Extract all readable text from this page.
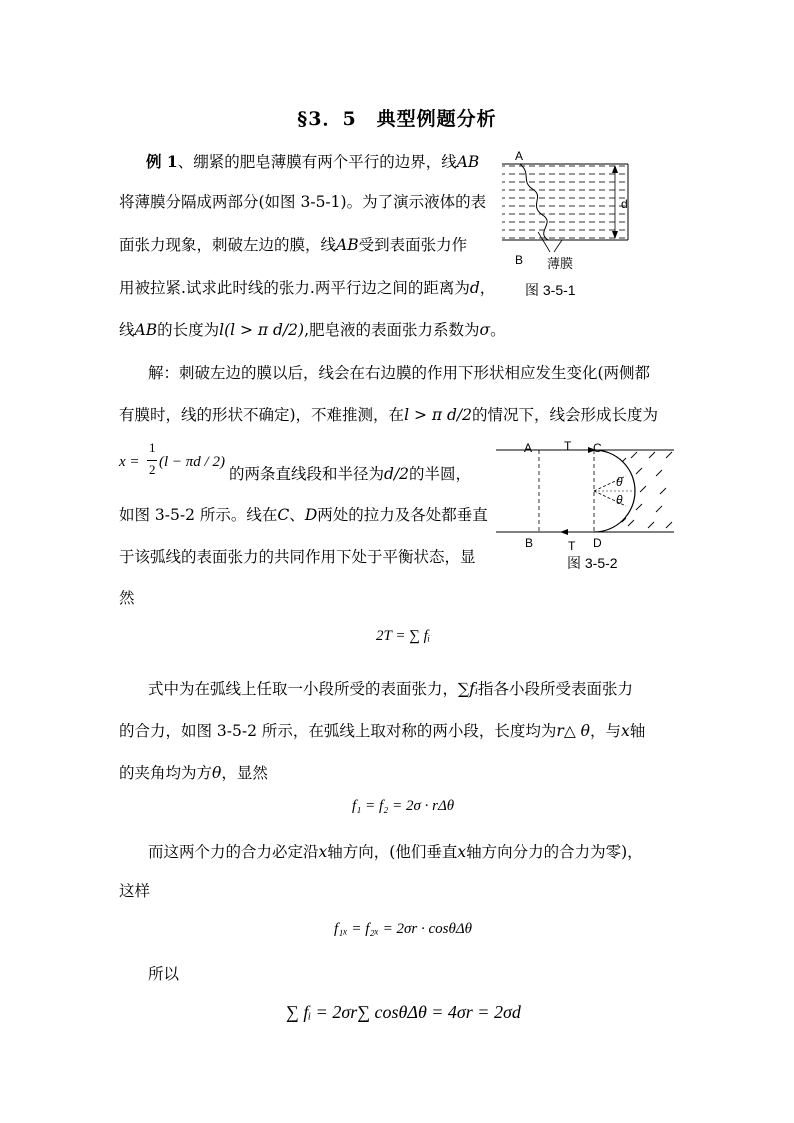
§3．5　典型例题分析
例 1、绷紧的肥皂薄膜有两个平行的边界，线AB
将薄膜分隔成两部分(如图 3-5-1)。为了演示液体的表
面张力现象，刺破左边的膜，线AB受到表面张力作
用被拉紧.试求此时线的张力.两平行边之间的距离为d，
线AB的长度为l(l > π d/2),肥皂液的表面张力系数为σ。
A
B
d
薄膜
图 3-5-1
解：刺破左边的膜以后，线会在右边膜的作用下形状相应发生变化(两侧都
有膜时，线的形状不确定)，不难推测，在l > π d/2的情况下，线会形成长度为
x =
1
2 (l − πd / 2)
的两条直线段和半径为d/2的半圆，
如图 3-5-2 所示。线在C、D两处的拉力及各处都垂直
于该弧线的表面张力的共同作用下处于平衡状态，显
然
A
B
C
D
T
T
θ
θ
图 3-5-2
2T = ∑ fᵢ
式中为在弧线上任取一小段所受的表面张力，∑fᵢ指各小段所受表面张力
的合力，如图 3-5-2 所示，在弧线上取对称的两小段，长度均为r△ θ，与x轴
的夹角均为方θ，显然
f₁ = f₂ = 2σ · rΔθ
而这两个力的合力必定沿x轴方向，(他们垂直x轴方向分力的合力为零)，
这样
f₁ₓ = f₂ₓ = 2σr · cosθΔθ
所以
∑ fᵢ = 2σr∑ cosθΔθ = 4σr = 2σd
